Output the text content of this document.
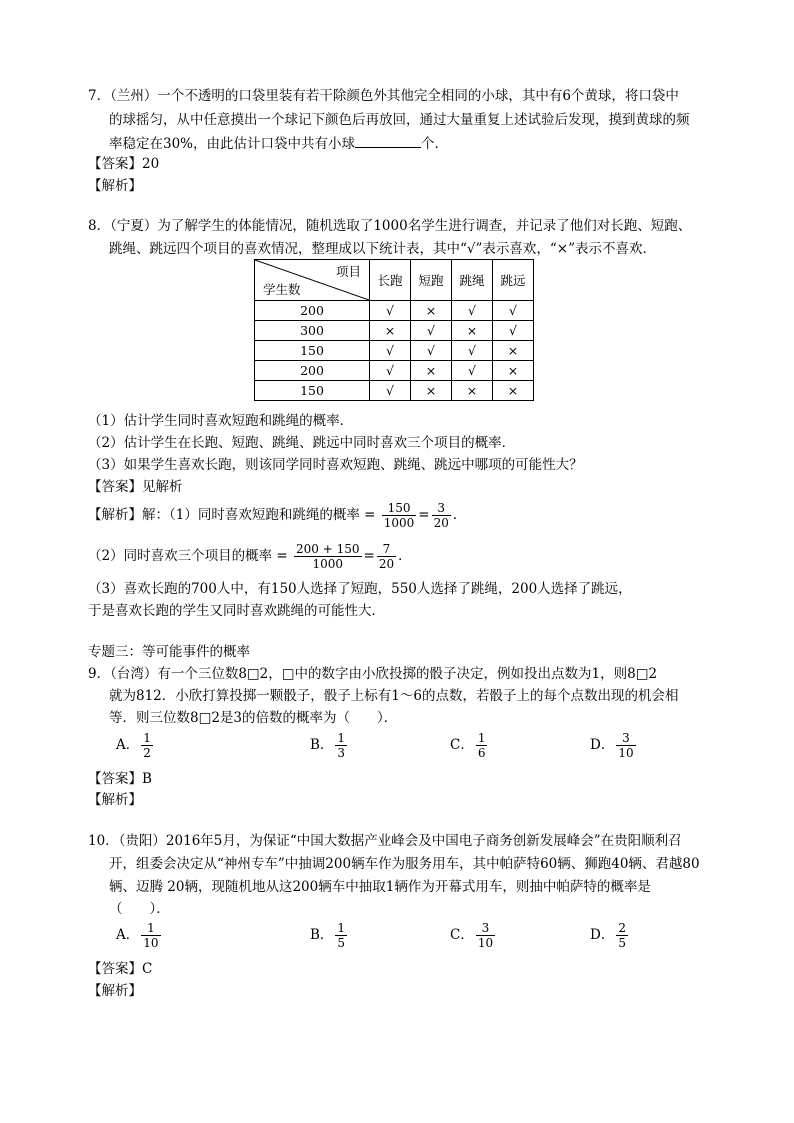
7．（兰州）一个不透明的口袋里装有若干除颜色外其他完全相同的小球，其中有6个黄球，将口袋中
的球摇匀，从中任意摸出一个球记下颜色后再放回，通过大量重复上述试验后发现，摸到黄球的频
率稳定在30%，由此估计口袋中共有小球	个．
【答案】20
【解析】
8．（宁夏）为了解学生的体能情况，随机选取了1000名学生进行调查，并记录了他们对长跑、短跑、
跳绳、跳远四个项目的喜欢情况，整理成以下统计表，其中“√”表示喜欢，“×”表示不喜欢．
项目
学生数	长跑	短跑	跳绳	跳远
200	√	×	√	√
300	×	√	×	√
150	√	√	√	×
200	√	×	√	×
150	√	×	×	×
（1）估计学生同时喜欢短跑和跳绳的概率．
（2）估计学生在长跑、短跑、跳绳、跳远中同时喜欢三个项目的概率．
（3）如果学生喜欢长跑，则该同学同时喜欢短跑、跳绳、跳远中哪项的可能性大？
【答案】见解析
【解析】解：（1）同时喜欢短跑和跳绳的概率 = $\frac{150}{1000} = \frac{3}{20}$ ．
（2）同时喜欢三个项目的概率 = $\frac{200 + 150}{1000} = \frac{7}{20}$ ．
（3）喜欢长跑的700人中，有150人选择了短跑，550人选择了跳绳，200人选择了跳远，
于是喜欢长跑的学生又同时喜欢跳绳的可能性大．
专题三：等可能事件的概率
9．（台湾）有一个三位数8□2，□中的数字由小欣投掷的骰子决定，例如投出点数为1，则8□2
就为812．小欣打算投掷一颗骰子，骰子上标有1～6的点数，若骰子上的每个点数出现的机会相
等．则三位数8□2是3的倍数的概率为（　　）．
A． $\frac{1}{2}$	B． $\frac{1}{3}$	C． $\frac{1}{6}$	D． $\frac{3}{10}$
【答案】B
【解析】
10．（贵阳）2016年5月，为保证“中国大数据产业峰会及中国电子商务创新发展峰会”在贵阳顺利召
开，组委会决定从“神州专车”中抽调200辆车作为服务用车，其中帕萨特60辆、狮跑40辆、君越80
辆、迈腾 20辆，现随机地从这200辆车中抽取1辆作为开幕式用车，则抽中帕萨特的概率是
（　　）．
A． $\frac{1}{10}$	B． $\frac{1}{5}$	C． $\frac{3}{10}$	D． $\frac{2}{5}$
【答案】C
【解析】
